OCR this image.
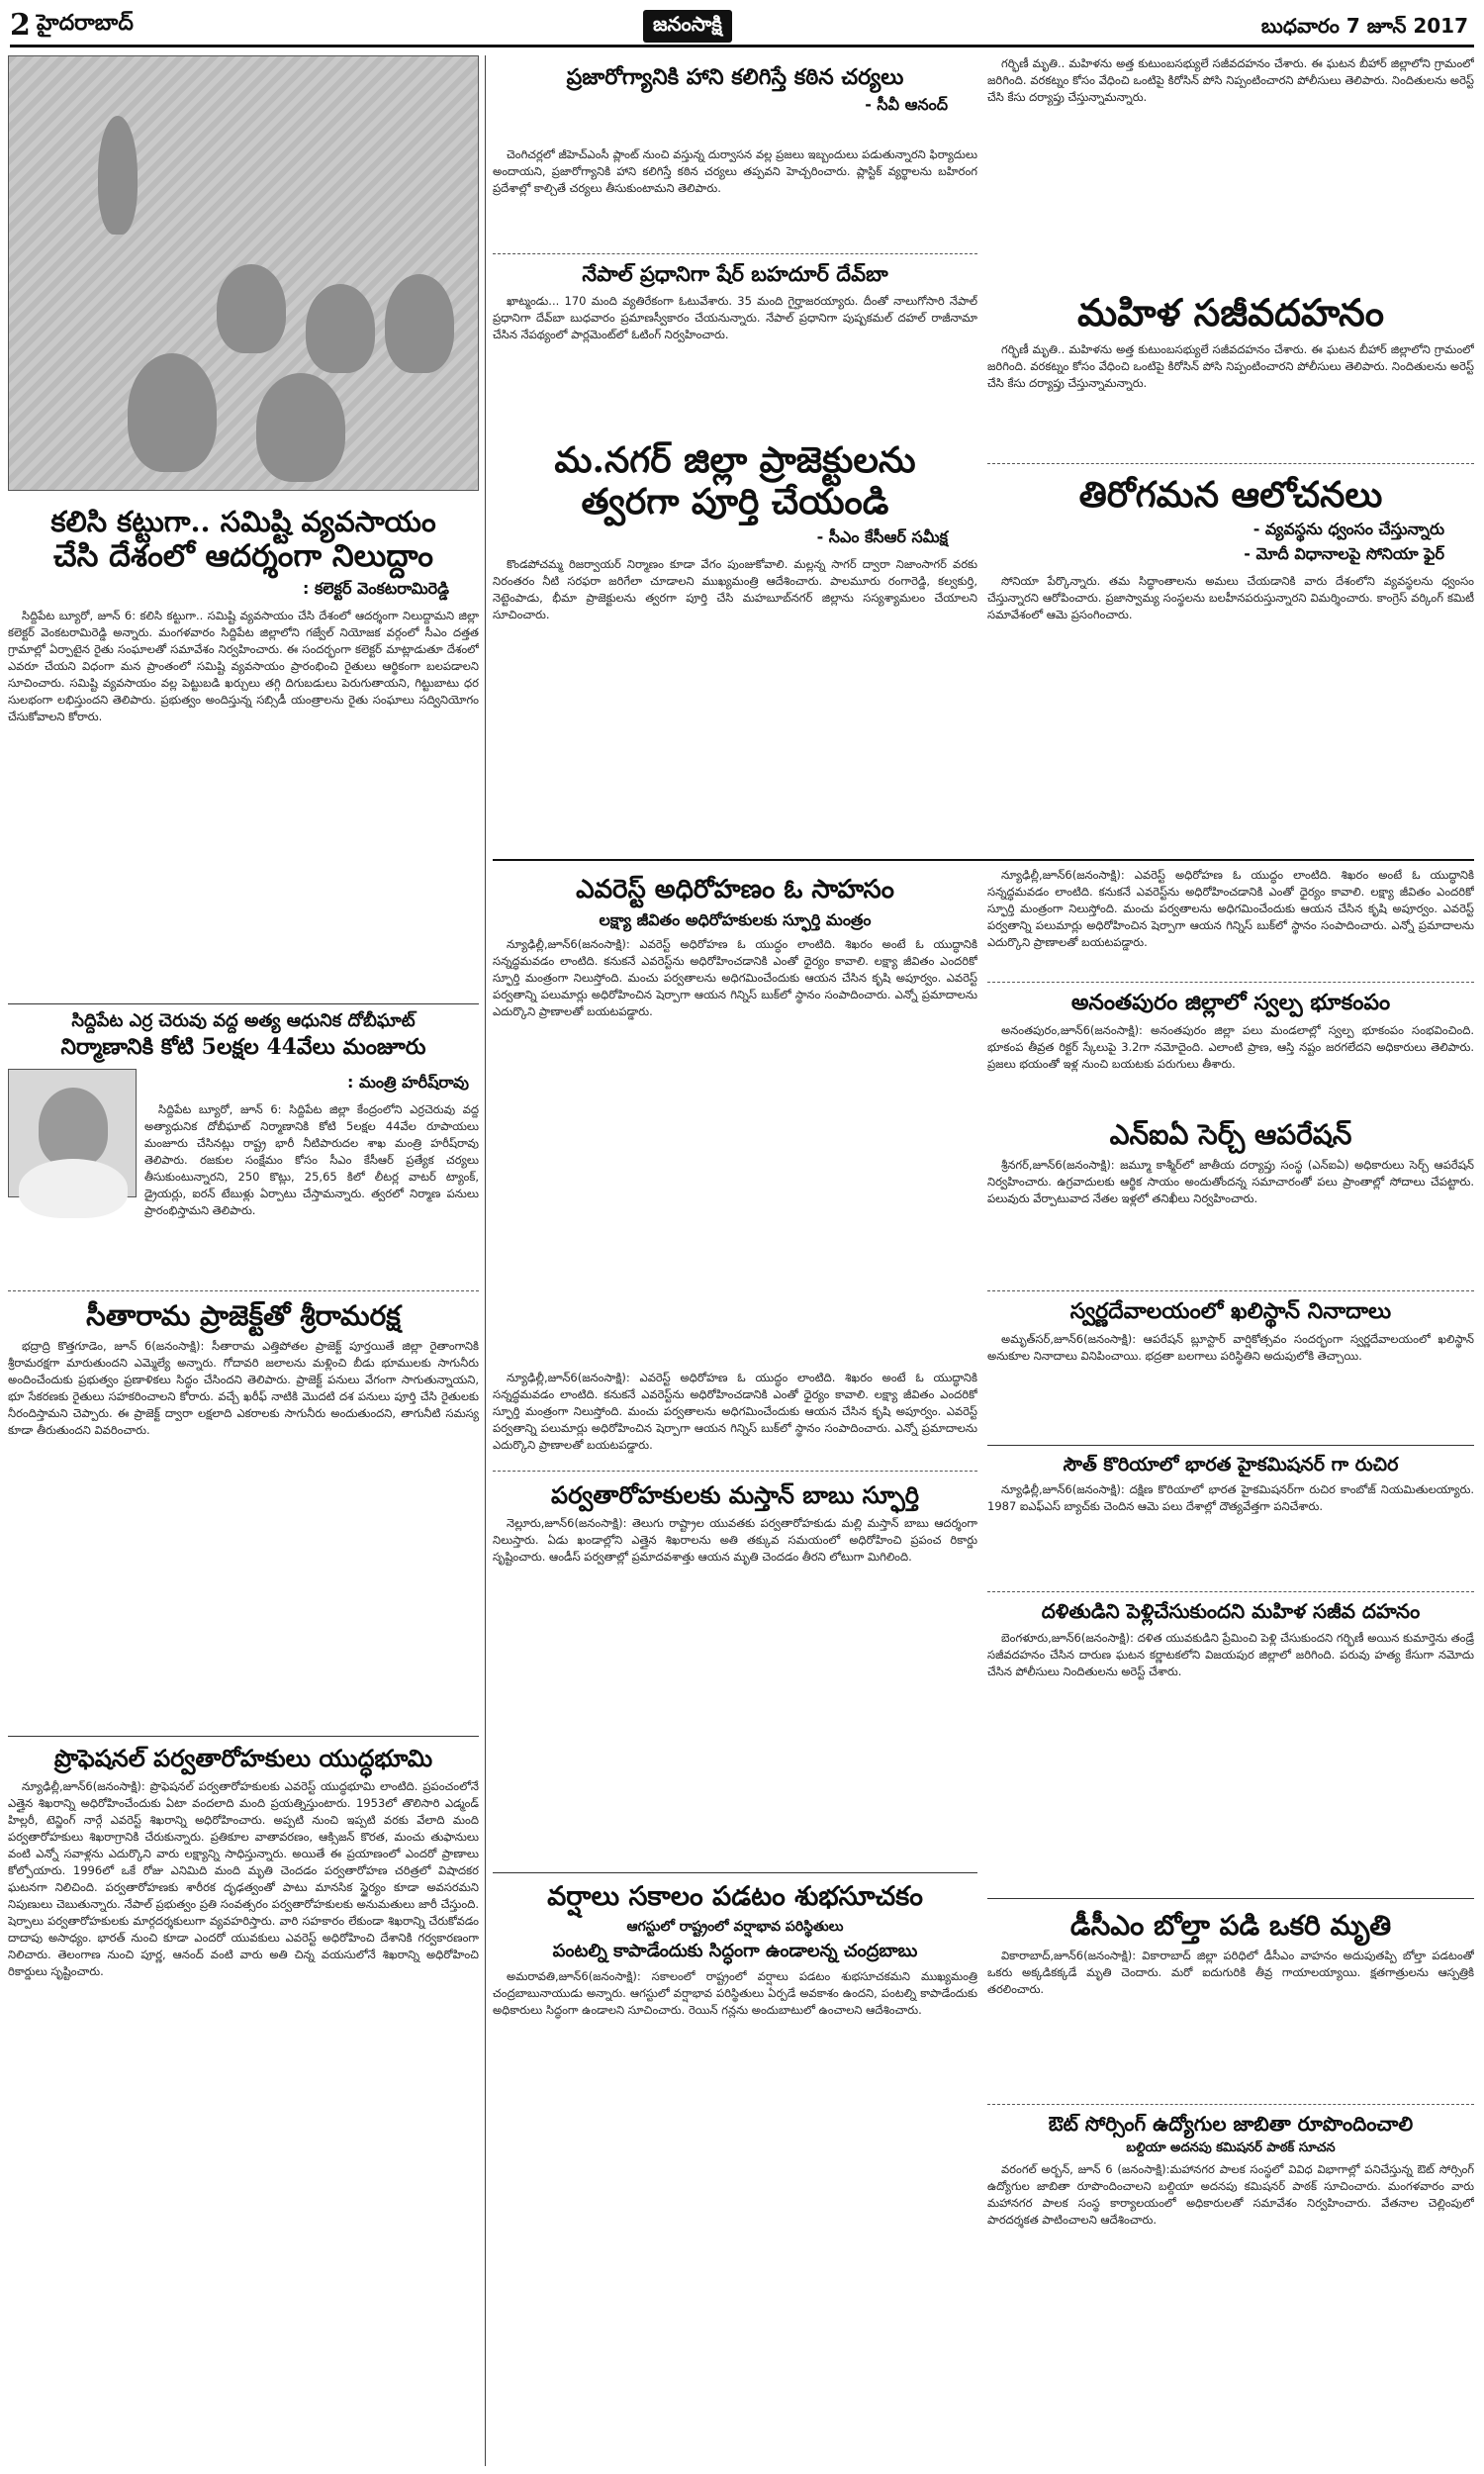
2 హైదరాబాద్	జనంసాక్షి	బుధవారం 7 జూన్ 2017
కలిసి కట్టుగా.. సమిష్టి వ్యవసాయం
చేసి దేశంలో ఆదర్శంగా నిలుద్దాం
: కలెక్టర్ వెంకటరామిరెడ్డి

సిద్దిపేట బ్యూరో, జూన్ 6: కలిసి కట్టుగా.. సమిష్టి వ్యవసాయం చేసి దేశంలో ఆదర్శంగా నిలుద్దామని జిల్లా కలెక్టర్ వెంకటరామిరెడ్డి అన్నారు. మంగళవారం సిద్దిపేట జిల్లాలోని గజ్వేల్ నియోజక వర్గంలో సీఎం దత్తత గ్రామాల్లో ఏర్పాటైన రైతు సంఘాలతో సమావేశం నిర్వహించారు. ఈ సందర్భంగా కలెక్టర్ మాట్లాడుతూ దేశంలో ఎవరూ చేయని విధంగా మన ప్రాంతంలో సమిష్టి వ్యవసాయం ప్రారంభించి రైతులు ఆర్థికంగా బలపడాలని సూచించారు. సమిష్టి వ్యవసాయం వల్ల పెట్టుబడి ఖర్చులు తగ్గి దిగుబడులు పెరుగుతాయని, గిట్టుబాటు ధర సులభంగా లభిస్తుందని తెలిపారు. ప్రభుత్వం అందిస్తున్న సబ్సిడీ యంత్రాలను రైతు సంఘాలు సద్వినియోగం చేసుకోవాలని కోరారు.

సిద్దిపేట ఎర్ర చెరువు వద్ద అత్య ఆధునిక దోబీఘాట్
నిర్మాణానికి కోటి 5లక్షల 44వేలు మంజూరు
: మంత్రి హరీష్‌రావు

సిద్దిపేట బ్యూరో, జూన్ 6: సిద్దిపేట జిల్లా కేంద్రంలోని ఎర్రచెరువు వద్ద అత్యాధునిక దోబీఘాట్ నిర్మాణానికి కోటి 5లక్షల 44వేల రూపాయలు మంజూరు చేసినట్లు రాష్ట్ర భారీ నీటిపారుదల శాఖ మంత్రి హరీష్‌రావు తెలిపారు. రజకుల సంక్షేమం కోసం సీఎం కేసీఆర్ ప్రత్యేక చర్యలు తీసుకుంటున్నారని, 250 కొట్లు, 25,65 కిలో లీటర్ల వాటర్ ట్యాంక్, డ్రైయర్లు, ఐరన్ టేబుళ్లు ఏర్పాటు చేస్తామన్నారు. త్వరలో నిర్మాణ పనులు ప్రారంభిస్తామని తెలిపారు.

సీతారామ ప్రాజెక్ట్‌తో శ్రీరామరక్ష

భద్రాద్రి కొత్తగూడెం, జూన్ 6(జనంసాక్షి): సీతారామ ఎత్తిపోతల ప్రాజెక్ట్ పూర్తయితే జిల్లా రైతాంగానికి శ్రీరామరక్షగా మారుతుందని ఎమ్మెల్యే అన్నారు. గోదావరి జలాలను మళ్లించి బీడు భూములకు సాగునీరు అందించేందుకు ప్రభుత్వం ప్రణాళికలు సిద్ధం చేసిందని తెలిపారు. ప్రాజెక్ట్ పనులు వేగంగా సాగుతున్నాయని, భూ సేకరణకు రైతులు సహకరించాలని కోరారు. వచ్చే ఖరీఫ్ నాటికి మొదటి దశ పనులు పూర్తి చేసి రైతులకు నీరందిస్తామని చెప్పారు. ఈ ప్రాజెక్ట్ ద్వారా లక్షలాది ఎకరాలకు సాగునీరు అందుతుందని, తాగునీటి సమస్య కూడా తీరుతుందని వివరించారు.

ప్రొఫెషనల్ పర్వతారోహకులు యుద్ధభూమి

న్యూఢిల్లీ,జూన్6(జనంసాక్షి): ప్రొఫెషనల్ పర్వతారోహకులకు ఎవరెస్ట్ యుద్ధభూమి లాంటిది. ప్రపంచంలోనే ఎత్తైన శిఖరాన్ని అధిరోహించేందుకు ఏటా వందలాది మంది ప్రయత్నిస్తుంటారు. 1953లో తొలిసారి ఎడ్మండ్ హిల్లరీ, టెన్జింగ్ నార్గే ఎవరెస్ట్ శిఖరాన్ని అధిరోహించారు. అప్పటి నుంచి ఇప్పటి వరకు వేలాది మంది పర్వతారోహకులు శిఖరాగ్రానికి చేరుకున్నారు. ప్రతికూల వాతావరణం, ఆక్సిజన్ కొరత, మంచు తుఫానులు వంటి ఎన్నో సవాళ్లను ఎదుర్కొని వారు లక్ష్యాన్ని సాధిస్తున్నారు. అయితే ఈ ప్రయాణంలో ఎందరో ప్రాణాలు కోల్పోయారు. 1996లో ఒకే రోజు ఎనిమిది మంది మృతి చెందడం పర్వతారోహణ చరిత్రలో విషాదకర ఘటనగా నిలిచింది. పర్వతారోహణకు శారీరక దృఢత్వంతో పాటు మానసిక స్థైర్యం కూడా అవసరమని నిపుణులు చెబుతున్నారు. నేపాల్ ప్రభుత్వం ప్రతి సంవత్సరం పర్వతారోహకులకు అనుమతులు జారీ చేస్తుంది. షెర్పాలు పర్వతారోహకులకు మార్గదర్శకులుగా వ్యవహరిస్తారు. వారి సహకారం లేకుండా శిఖరాన్ని చేరుకోవడం దాదాపు అసాధ్యం. భారత్ నుంచి కూడా ఎందరో యువకులు ఎవరెస్ట్ అధిరోహించి దేశానికి గర్వకారణంగా నిలిచారు. తెలంగాణ నుంచి పూర్ణ, ఆనంద్ వంటి వారు అతి చిన్న వయసులోనే శిఖరాన్ని అధిరోహించి రికార్డులు సృష్టించారు.

ప్రజారోగ్యానికి హాని కలిగిస్తే కఠిన చర్యలు
- సీవీ ఆనంద్

చెంగిచర్లలో జీహెచ్‌ఎంసీ ప్లాంట్ నుంచి వస్తున్న దుర్వాసన వల్ల ప్రజలు ఇబ్బందులు పడుతున్నారని ఫిర్యాదులు అందాయని, ప్రజారోగ్యానికి హాని కలిగిస్తే కఠిన చర్యలు తప్పవని హెచ్చరించారు. ప్లాస్టిక్ వ్యర్థాలను బహిరంగ ప్రదేశాల్లో కాల్చితే చర్యలు తీసుకుంటామని తెలిపారు.

నేపాల్ ప్రధానిగా షేర్ బహదూర్ దేవ్‌బా

ఖాట్మండు... 170 మంది వ్యతిరేకంగా ఓటువేశారు. 35 మంది గైర్హాజరయ్యారు. దీంతో నాలుగోసారి నేపాల్ ప్రధానిగా దేవ్‌బా బుధవారం ప్రమాణస్వీకారం చేయనున్నారు. నేపాల్ ప్రధానిగా పుష్పకమల్ దహల్ రాజీనామా చేసిన నేపథ్యంలో పార్లమెంట్‌లో ఓటింగ్ నిర్వహించారు.

మ.నగర్ జిల్లా ప్రాజెక్టులను
త్వరగా పూర్తి చేయండి
- సీఎం కేసీఆర్ సమీక్ష

కొండపోచమ్మ రిజర్వాయర్ నిర్మాణం కూడా వేగం పుంజుకోవాలి. మల్లన్న సాగర్ ద్వారా నిజాంసాగర్ వరకు నిరంతరం నీటి సరఫరా జరిగేలా చూడాలని ముఖ్యమంత్రి ఆదేశించారు. పాలమూరు రంగారెడ్డి, కల్వకుర్తి, నెట్టెంపాడు, భీమా ప్రాజెక్టులను త్వరగా పూర్తి చేసి మహబూబ్‌నగర్ జిల్లాను సస్యశ్యామలం చేయాలని సూచించారు.

గర్భిణీ మృతి.. మహిళను అత్త కుటుంబసభ్యులే సజీవదహనం చేశారు. ఈ ఘటన బీహార్ జిల్లాలోని గ్రామంలో జరిగింది. వరకట్నం కోసం వేధించి ఒంటిపై కిరోసిన్ పోసి నిప్పంటించారని పోలీసులు తెలిపారు. నిందితులను అరెస్ట్ చేసి కేసు దర్యాప్తు చేస్తున్నామన్నారు.

మహిళ సజీవదహనం

గర్భిణీ మృతి.. మహిళను అత్త కుటుంబసభ్యులే సజీవదహనం చేశారు. ఈ ఘటన బీహార్ జిల్లాలోని గ్రామంలో జరిగింది. వరకట్నం కోసం వేధించి ఒంటిపై కిరోసిన్ పోసి నిప్పంటించారని పోలీసులు తెలిపారు. నిందితులను అరెస్ట్ చేసి కేసు దర్యాప్తు చేస్తున్నామన్నారు.

తిరోగమన ఆలోచనలు
- వ్యవస్థను ధ్వంసం చేస్తున్నారు
- మోదీ విధానాలపై సోనియా ఫైర్

సోనియా పేర్కొన్నారు. తమ సిద్ధాంతాలను అమలు చేయడానికి వారు దేశంలోని వ్యవస్థలను ధ్వంసం చేస్తున్నారని ఆరోపించారు. ప్రజాస్వామ్య సంస్థలను బలహీనపరుస్తున్నారని విమర్శించారు. కాంగ్రెస్ వర్కింగ్ కమిటీ సమావేశంలో ఆమె ప్రసంగించారు.

ఎవరెస్ట్ అధిరోహణం ఓ సాహసం
లక్ష్యా జీవితం అధిరోహకులకు స్ఫూర్తి మంత్రం

న్యూఢిల్లీ,జూన్6(జనంసాక్షి): ఎవరెస్ట్ అధిరోహణ ఓ యుద్ధం లాంటిది. శిఖరం అంటే ఓ యుద్ధానికి సన్నద్ధమవడం లాంటిది. కనుకనే ఎవరెస్ట్‌ను అధిరోహించడానికి ఎంతో ధైర్యం కావాలి. లక్ష్యా జీవితం ఎందరికో స్ఫూర్తి మంత్రంగా నిలుస్తోంది. మంచు పర్వతాలను అధిగమించేందుకు ఆయన చేసిన కృషి అపూర్వం. ఎవరెస్ట్ పర్వతాన్ని పలుమార్లు అధిరోహించిన షెర్పాగా ఆయన గిన్నిస్ బుక్‌లో స్థానం సంపాదించారు. ఎన్నో ప్రమాదాలను ఎదుర్కొని ప్రాణాలతో బయటపడ్డారు.

న్యూఢిల్లీ,జూన్6(జనంసాక్షి): ఎవరెస్ట్ అధిరోహణ ఓ యుద్ధం లాంటిది. శిఖరం అంటే ఓ యుద్ధానికి సన్నద్ధమవడం లాంటిది. కనుకనే ఎవరెస్ట్‌ను అధిరోహించడానికి ఎంతో ధైర్యం కావాలి. లక్ష్యా జీవితం ఎందరికో స్ఫూర్తి మంత్రంగా నిలుస్తోంది. మంచు పర్వతాలను అధిగమించేందుకు ఆయన చేసిన కృషి అపూర్వం. ఎవరెస్ట్ పర్వతాన్ని పలుమార్లు అధిరోహించిన షెర్పాగా ఆయన గిన్నిస్ బుక్‌లో స్థానం సంపాదించారు. ఎన్నో ప్రమాదాలను ఎదుర్కొని ప్రాణాలతో బయటపడ్డారు.

పర్వతారోహకులకు మస్తాన్ బాబు స్ఫూర్తి

నెల్లూరు,జూన్6(జనంసాక్షి): తెలుగు రాష్ట్రాల యువతకు పర్వతారోహకుడు మల్లి మస్తాన్ బాబు ఆదర్శంగా నిలుస్తారు. ఏడు ఖండాల్లోని ఎత్తైన శిఖరాలను అతి తక్కువ సమయంలో అధిరోహించి ప్రపంచ రికార్డు సృష్టించారు. ఆండీస్ పర్వతాల్లో ప్రమాదవశాత్తు ఆయన మృతి చెందడం తీరని లోటుగా మిగిలింది.

వర్షాలు సకాలం పడటం శుభసూచకం
ఆగస్టులో రాష్ట్రంలో వర్షాభావ పరిస్థితులు
పంటల్ని కాపాడేందుకు సిద్ధంగా ఉండాలన్న చంద్రబాబు

అమరావతి,జూన్6(జనంసాక్షి): సకాలంలో రాష్ట్రంలో వర్షాలు పడటం శుభసూచకమని ముఖ్యమంత్రి చంద్రబాబునాయుడు అన్నారు. ఆగస్టులో వర్షాభావ పరిస్థితులు ఏర్పడే అవకాశం ఉందని, పంటల్ని కాపాడేందుకు అధికారులు సిద్ధంగా ఉండాలని సూచించారు. రెయిన్ గన్లను అందుబాటులో ఉంచాలని ఆదేశించారు.

న్యూఢిల్లీ,జూన్6(జనంసాక్షి): ఎవరెస్ట్ అధిరోహణ ఓ యుద్ధం లాంటిది. శిఖరం అంటే ఓ యుద్ధానికి సన్నద్ధమవడం లాంటిది. కనుకనే ఎవరెస్ట్‌ను అధిరోహించడానికి ఎంతో ధైర్యం కావాలి. లక్ష్యా జీవితం ఎందరికో స్ఫూర్తి మంత్రంగా నిలుస్తోంది. మంచు పర్వతాలను అధిగమించేందుకు ఆయన చేసిన కృషి అపూర్వం. ఎవరెస్ట్ పర్వతాన్ని పలుమార్లు అధిరోహించిన షెర్పాగా ఆయన గిన్నిస్ బుక్‌లో స్థానం సంపాదించారు. ఎన్నో ప్రమాదాలను ఎదుర్కొని ప్రాణాలతో బయటపడ్డారు.

అనంతపురం జిల్లాలో స్వల్ప భూకంపం

అనంతపురం,జూన్6(జనంసాక్షి): అనంతపురం జిల్లా పలు మండలాల్లో స్వల్ప భూకంపం సంభవించింది. భూకంప తీవ్రత రిక్టర్ స్కేలుపై 3.2గా నమోదైంది. ఎలాంటి ప్రాణ, ఆస్తి నష్టం జరగలేదని అధికారులు తెలిపారు. ప్రజలు భయంతో ఇళ్ల నుంచి బయటకు పరుగులు తీశారు.

ఎన్ఐఏ సెర్చ్ ఆపరేషన్

శ్రీనగర్,జూన్6(జనంసాక్షి): జమ్మూ కాశ్మీర్‌లో జాతీయ దర్యాప్తు సంస్థ (ఎన్ఐఏ) అధికారులు సెర్చ్ ఆపరేషన్ నిర్వహించారు. ఉగ్రవాదులకు ఆర్థిక సాయం అందుతోందన్న సమాచారంతో పలు ప్రాంతాల్లో సోదాలు చేపట్టారు. పలువురు వేర్పాటువాద నేతల ఇళ్లలో తనిఖీలు నిర్వహించారు.

స్వర్ణదేవాలయంలో ఖలిస్థాన్ నినాదాలు

అమృత్‌సర్,జూన్6(జనంసాక్షి): ఆపరేషన్ బ్లూస్టార్ వార్షికోత్సవం సందర్భంగా స్వర్ణదేవాలయంలో ఖలిస్థాన్ అనుకూల నినాదాలు వినిపించాయి. భద్రతా బలగాలు పరిస్థితిని అదుపులోకి తెచ్చాయి.

సౌత్‌ కొరియాలో భారత హైకమిషనర్ గా రుచిర

న్యూఢిల్లీ,జూన్6(జనంసాక్షి): దక్షిణ కొరియాలో భారత హైకమిషనర్‌గా రుచిర కాంబోజ్ నియమితులయ్యారు. 1987 ఐఎఫ్ఎస్ బ్యాచ్‌కు చెందిన ఆమె పలు దేశాల్లో దౌత్యవేత్తగా పనిచేశారు.

దళితుడిని పెళ్లిచేసుకుందని మహిళ సజీవ దహనం

బెంగళూరు,జూన్6(జనంసాక్షి): దళిత యువకుడిని ప్రేమించి పెళ్లి చేసుకుందని గర్భిణీ అయిన కుమార్తెను తండ్రే సజీవదహనం చేసిన దారుణ ఘటన కర్ణాటకలోని విజయపుర జిల్లాలో జరిగింది. పరువు హత్య కేసుగా నమోదు చేసిన పోలీసులు నిందితులను అరెస్ట్ చేశారు.

డీసీఎం బోల్తా పడి ఒకరి మృతి

వికారాబాద్,జూన్6(జనంసాక్షి): వికారాబాద్ జిల్లా పరిధిలో డీసీఎం వాహనం అదుపుతప్పి బోల్తా పడటంతో ఒకరు అక్కడికక్కడే మృతి చెందారు. మరో ఐదుగురికి తీవ్ర గాయాలయ్యాయి. క్షతగాత్రులను ఆస్పత్రికి తరలించారు.

ఔట్ సోర్సింగ్ ఉద్యోగుల జాబితా రూపొందించాలి
బల్దియా అదనపు కమిషనర్ పాఠక్ సూచన

వరంగల్ అర్బన్, జూన్ 6 (జనంసాక్షి):మహానగర పాలక సంస్థలో వివిధ విభాగాల్లో పనిచేస్తున్న ఔట్ సోర్సింగ్ ఉద్యోగుల జాబితా రూపొందించాలని బల్దియా అదనపు కమిషనర్ పాఠక్ సూచించారు. మంగళవారం వారు మహానగర పాలక సంస్థ కార్యాలయంలో అధికారులతో సమావేశం నిర్వహించారు. వేతనాల చెల్లింపులో పారదర్శకత పాటించాలని ఆదేశించారు.
